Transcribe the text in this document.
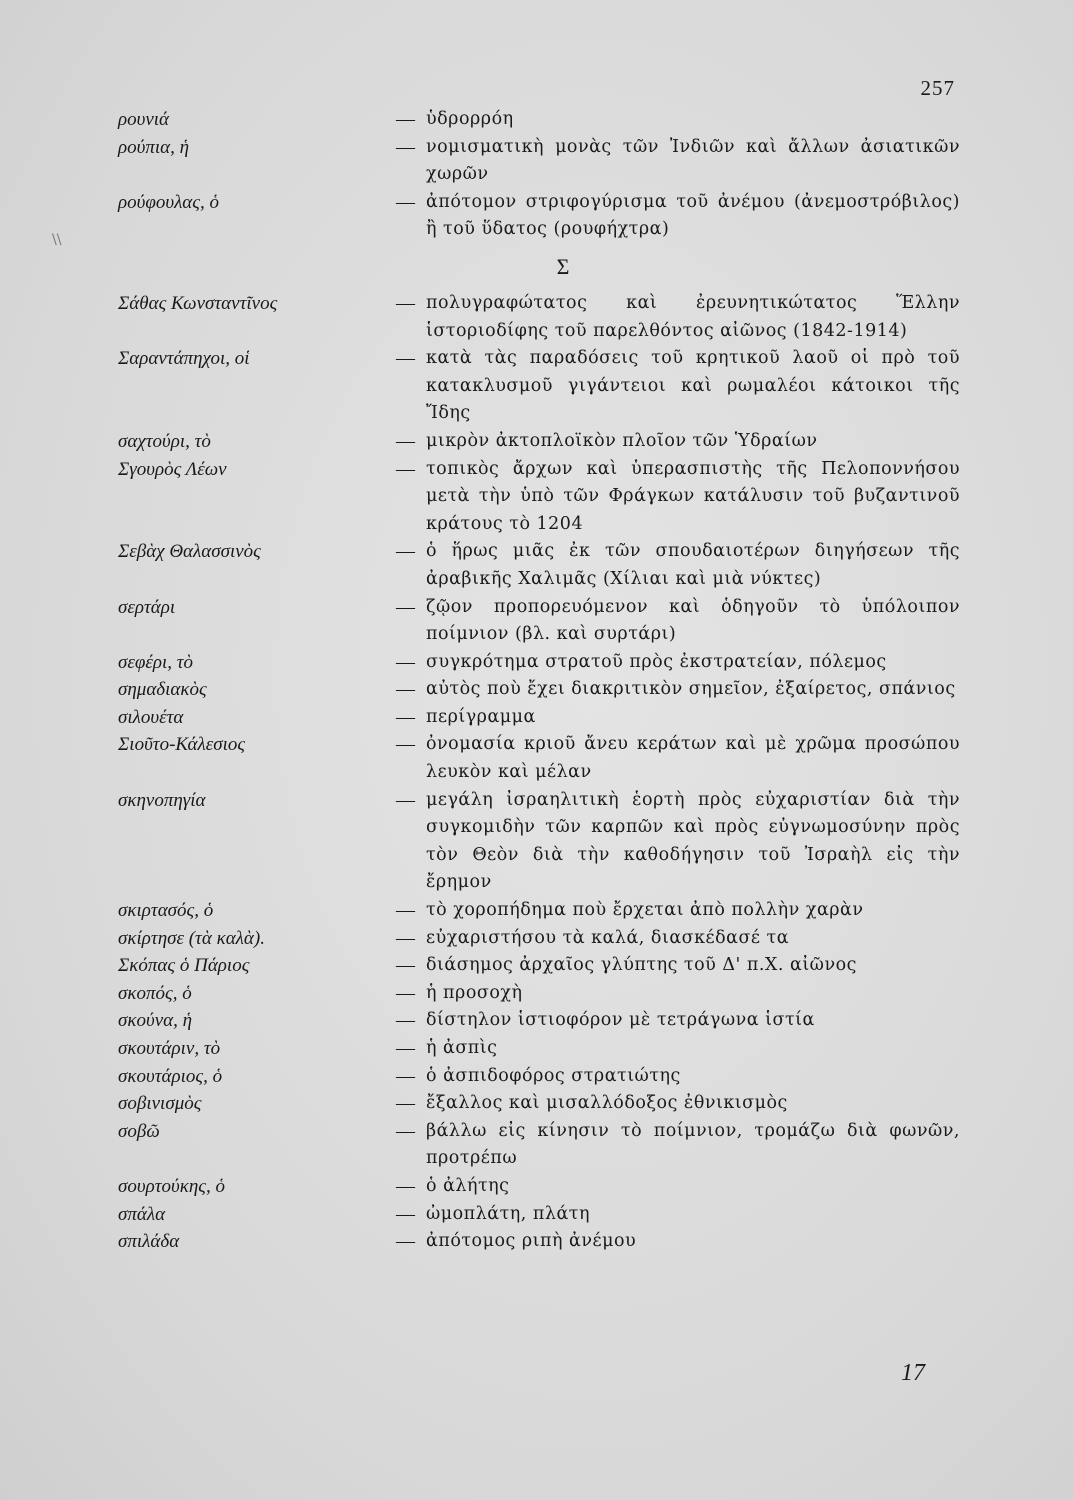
257
\\
ρουνιά	— ὑδρορρόη
ρούπια, ἡ	— νομισματικὴ μονὰς τῶν Ἰνδιῶν καὶ ἄλλων ἀσιατικῶν χωρῶν
ρούφουλας, ὁ	— ἀπότομον στριφογύρισμα τοῦ ἀνέμου (ἀνεμοστρόβιλος) ἢ τοῦ ὕδατος (ρουφήχτρα)
Σ
Σάθας Κωνσταντῖνος	— πολυγραφώτατος καὶ ἐρευνητικώτατος Ἕλλην ἱστοριοδίφης τοῦ παρελθόντος αἰῶνος (1842-1914)
Σαραντάπηχοι, οἱ	— κατὰ τὰς παραδόσεις τοῦ κρητικοῦ λαοῦ οἱ πρὸ τοῦ κατακλυσμοῦ γιγάντειοι καὶ ρωμαλέοι κάτοικοι τῆς Ἴδης
σαχτούρι, τὸ	— μικρὸν ἀκτοπλοϊκὸν πλοῖον τῶν Ὑδραίων
Σγουρὸς Λέων	— τοπικὸς ἄρχων καὶ ὑπερασπιστὴς τῆς Πελοποννήσου μετὰ τὴν ὑπὸ τῶν Φράγκων κατάλυσιν τοῦ βυζαντινοῦ κράτους τὸ 1204
Σεβὰχ Θαλασσινὸς	— ὁ ἥρως μιᾶς ἐκ τῶν σπουδαιοτέρων διηγήσεων τῆς ἀραβικῆς Χαλιμᾶς (Χίλιαι καὶ μιὰ νύκτες)
σερτάρι	— ζῷον προπορευόμενον καὶ ὁδηγοῦν τὸ ὑπόλοιπον ποίμνιον (βλ. καὶ συρτάρι)
σεφέρι, τὸ	— συγκρότημα στρατοῦ πρὸς ἐκστρατείαν, πόλεμος
σημαδιακὸς	— αὐτὸς ποὺ ἔχει διακριτικὸν σημεῖον, ἐξαίρετος, σπάνιος
σιλουέτα	— περίγραμμα
Σιοῦτο-Κάλεσιος	— ὀνομασία κριοῦ ἄνευ κεράτων καὶ μὲ χρῶμα προσώπου λευκὸν καὶ μέλαν
σκηνοπηγία	— μεγάλη ἰσραηλιτικὴ ἑορτὴ πρὸς εὐχαριστίαν διὰ τὴν συγκομιδὴν τῶν καρπῶν καὶ πρὸς εὐγνωμοσύνην πρὸς τὸν Θεὸν διὰ τὴν καθοδήγησιν τοῦ Ἰσραὴλ εἰς τὴν ἔρημον
σκιρτασός, ὁ	— τὸ χοροπήδημα ποὺ ἔρχεται ἀπὸ πολλὴν χαρὰν
σκίρτησε (τὰ καλὰ).	— εὐχαριστήσου τὰ καλά, διασκέδασέ τα
Σκόπας ὁ Πάριος	— διάσημος ἀρχαῖος γλύπτης τοῦ Δ' π.Χ. αἰῶνος
σκοπός, ὁ	— ἡ προσοχὴ
σκούνα, ἡ	— δίστηλον ἱστιοφόρον μὲ τετράγωνα ἱστία
σκουτάριν, τὸ	— ἡ ἀσπὶς
σκουτάριος, ὁ	— ὁ ἀσπιδοφόρος στρατιώτης
σοβινισμὸς	— ἔξαλλος καὶ μισαλλόδοξος ἐθνικισμὸς
σοβῶ	— βάλλω εἰς κίνησιν τὸ ποίμνιον, τρομάζω διὰ φωνῶν, προτρέπω
σουρτούκης, ὁ	— ὁ ἀλήτης
σπάλα	— ὠμοπλάτη, πλάτη
σπιλάδα	— ἀπότομος ριπὴ ἀνέμου
17
